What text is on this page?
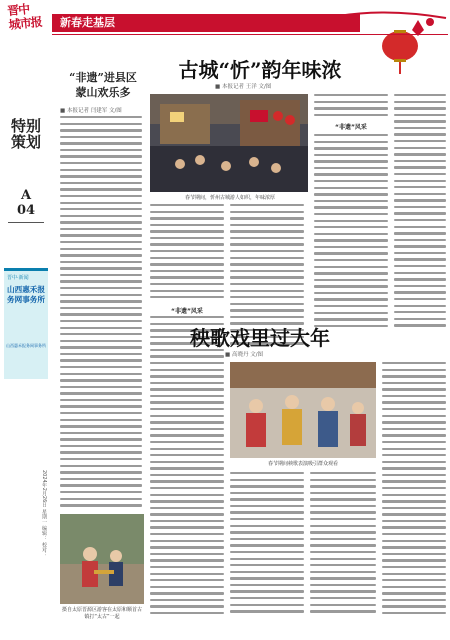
晋中
城市报	新春走基层
特别策划
A
04
晋中·新闻
山西惠禾报务网事务所
山西惠禾报务网事务所
2024年2月26日 星期一 编辑： 校对：
“非遗”进县区
蒙山欢乐多
■ 本报记者 闫建军 文/图
摄自太原晋源区游客在太原和顺首古镇打“太古”一起
古城“忻”韵年味浓
■ 本报记者 王洋 文/图
春节期间，忻州古城游人如织，年味浓厚
“非遗”风采
“非遗”风采
秧歌戏里过大年
■ 高晓丹 文/图
春节期间秧歌表演吸引群众观看
